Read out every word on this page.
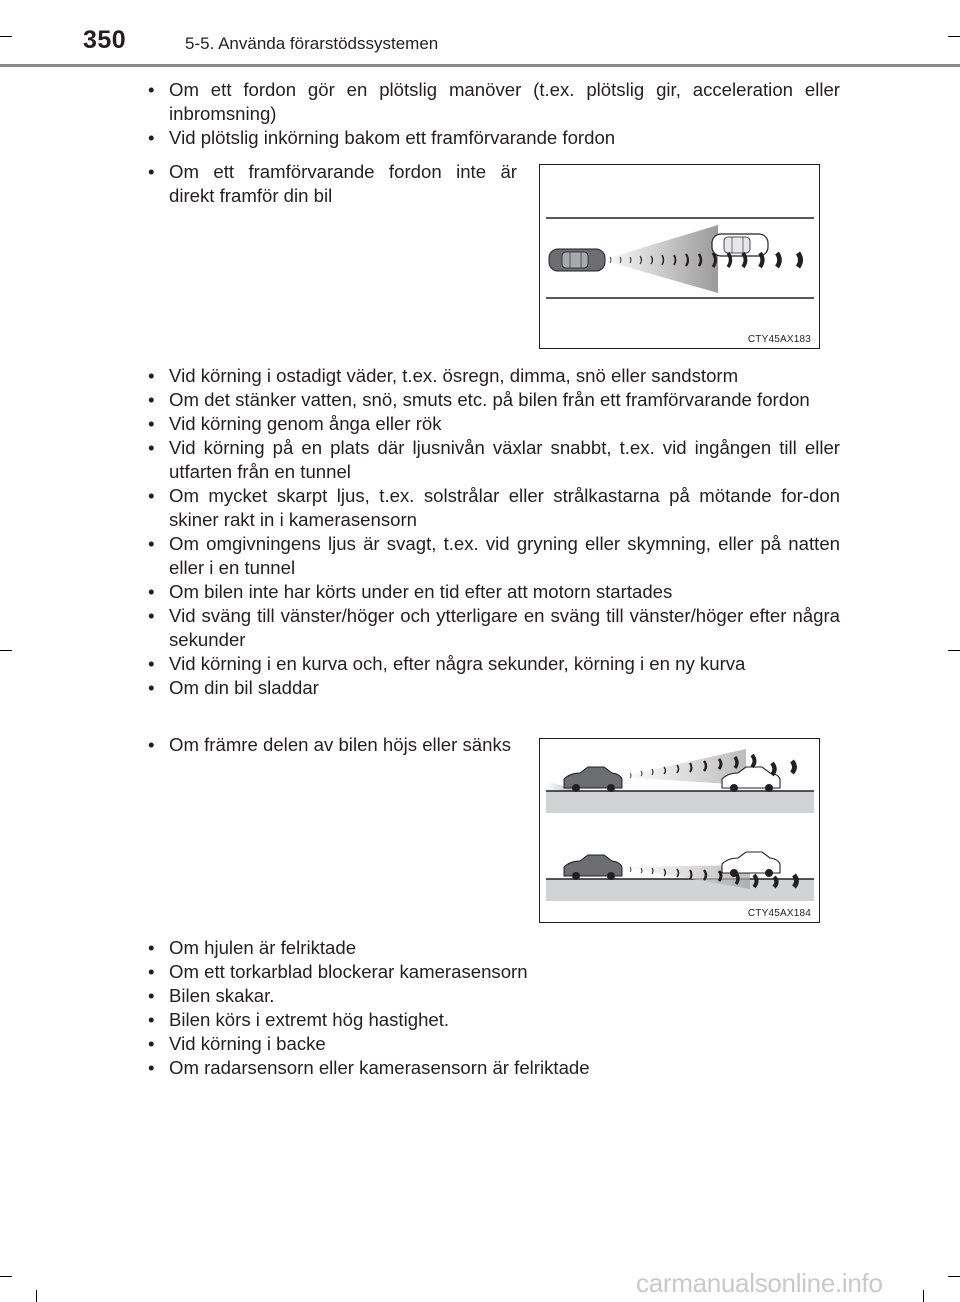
350	5-5. Använda förarstödssystemen
• Om ett fordon gör en plötslig manöver (t.ex. plötslig gir, acceleration eller inbromsning)
• Vid plötslig inkörning bakom ett framförvarande fordon
• Om ett framförvarande fordon inte är direkt framför din bil
CTY45AX183
• Vid körning i ostadigt väder, t.ex. ösregn, dimma, snö eller sandstorm
• Om det stänker vatten, snö, smuts etc. på bilen från ett framförvarande fordon
• Vid körning genom ånga eller rök
• Vid körning på en plats där ljusnivån växlar snabbt, t.ex. vid ingången till eller utfarten från en tunnel
• Om mycket skarpt ljus, t.ex. solstrålar eller strålkastarna på mötande for-don skiner rakt in i kamerasensorn
• Om omgivningens ljus är svagt, t.ex. vid gryning eller skymning, eller på natten eller i en tunnel
• Om bilen inte har körts under en tid efter att motorn startades
• Vid sväng till vänster/höger och ytterligare en sväng till vänster/höger efter några sekunder
• Vid körning i en kurva och, efter några sekunder, körning i en ny kurva
• Om din bil sladdar
• Om främre delen av bilen höjs eller sänks
CTY45AX184
• Om hjulen är felriktade
• Om ett torkarblad blockerar kamerasensorn
• Bilen skakar.
• Bilen körs i extremt hög hastighet.
• Vid körning i backe
• Om radarsensorn eller kamerasensorn är felriktade
carmanualsonline.info
